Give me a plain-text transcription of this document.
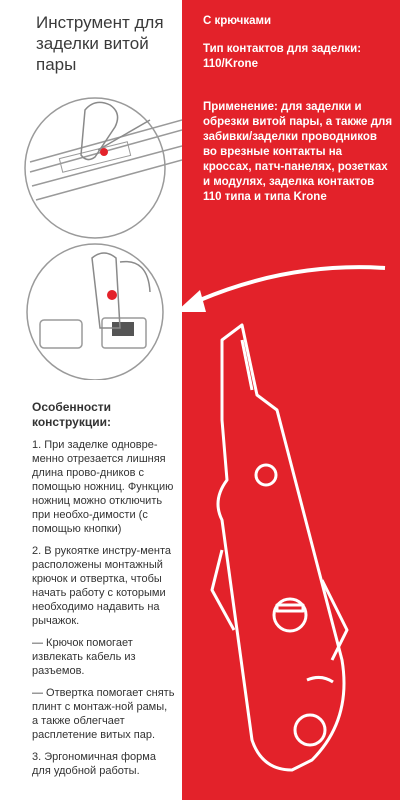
Инструмент для заделки витой пары
Особенности конструкции:

1. При заделке одновре-менно отрезается лишняя длина прово-дников с помощью ножниц. Функцию ножниц можно отключить при необхо-димости (с помощью кнопки)

2. В рукоятке инстру-мента расположены монтажный крючок и отвертка, чтобы начать работу с которыми необходимо надавить на рычажок.

— Крючок помогает извлекать кабель из разъемов.

— Отвертка помогает снять плинт с монтаж-ной рамы, а также облегчает расплетение витых пар.

3. Эргономичная форма для удобной работы.

С крючками
Тип контактов для заделки: 110/Krone
Применение: для заделки и обрезки витой пары, а также для забивки/заделки проводников во врезные контакты на кроссах, патч-панелях, розетках и модулях, заделка контактов 110 типа и типа Krone
